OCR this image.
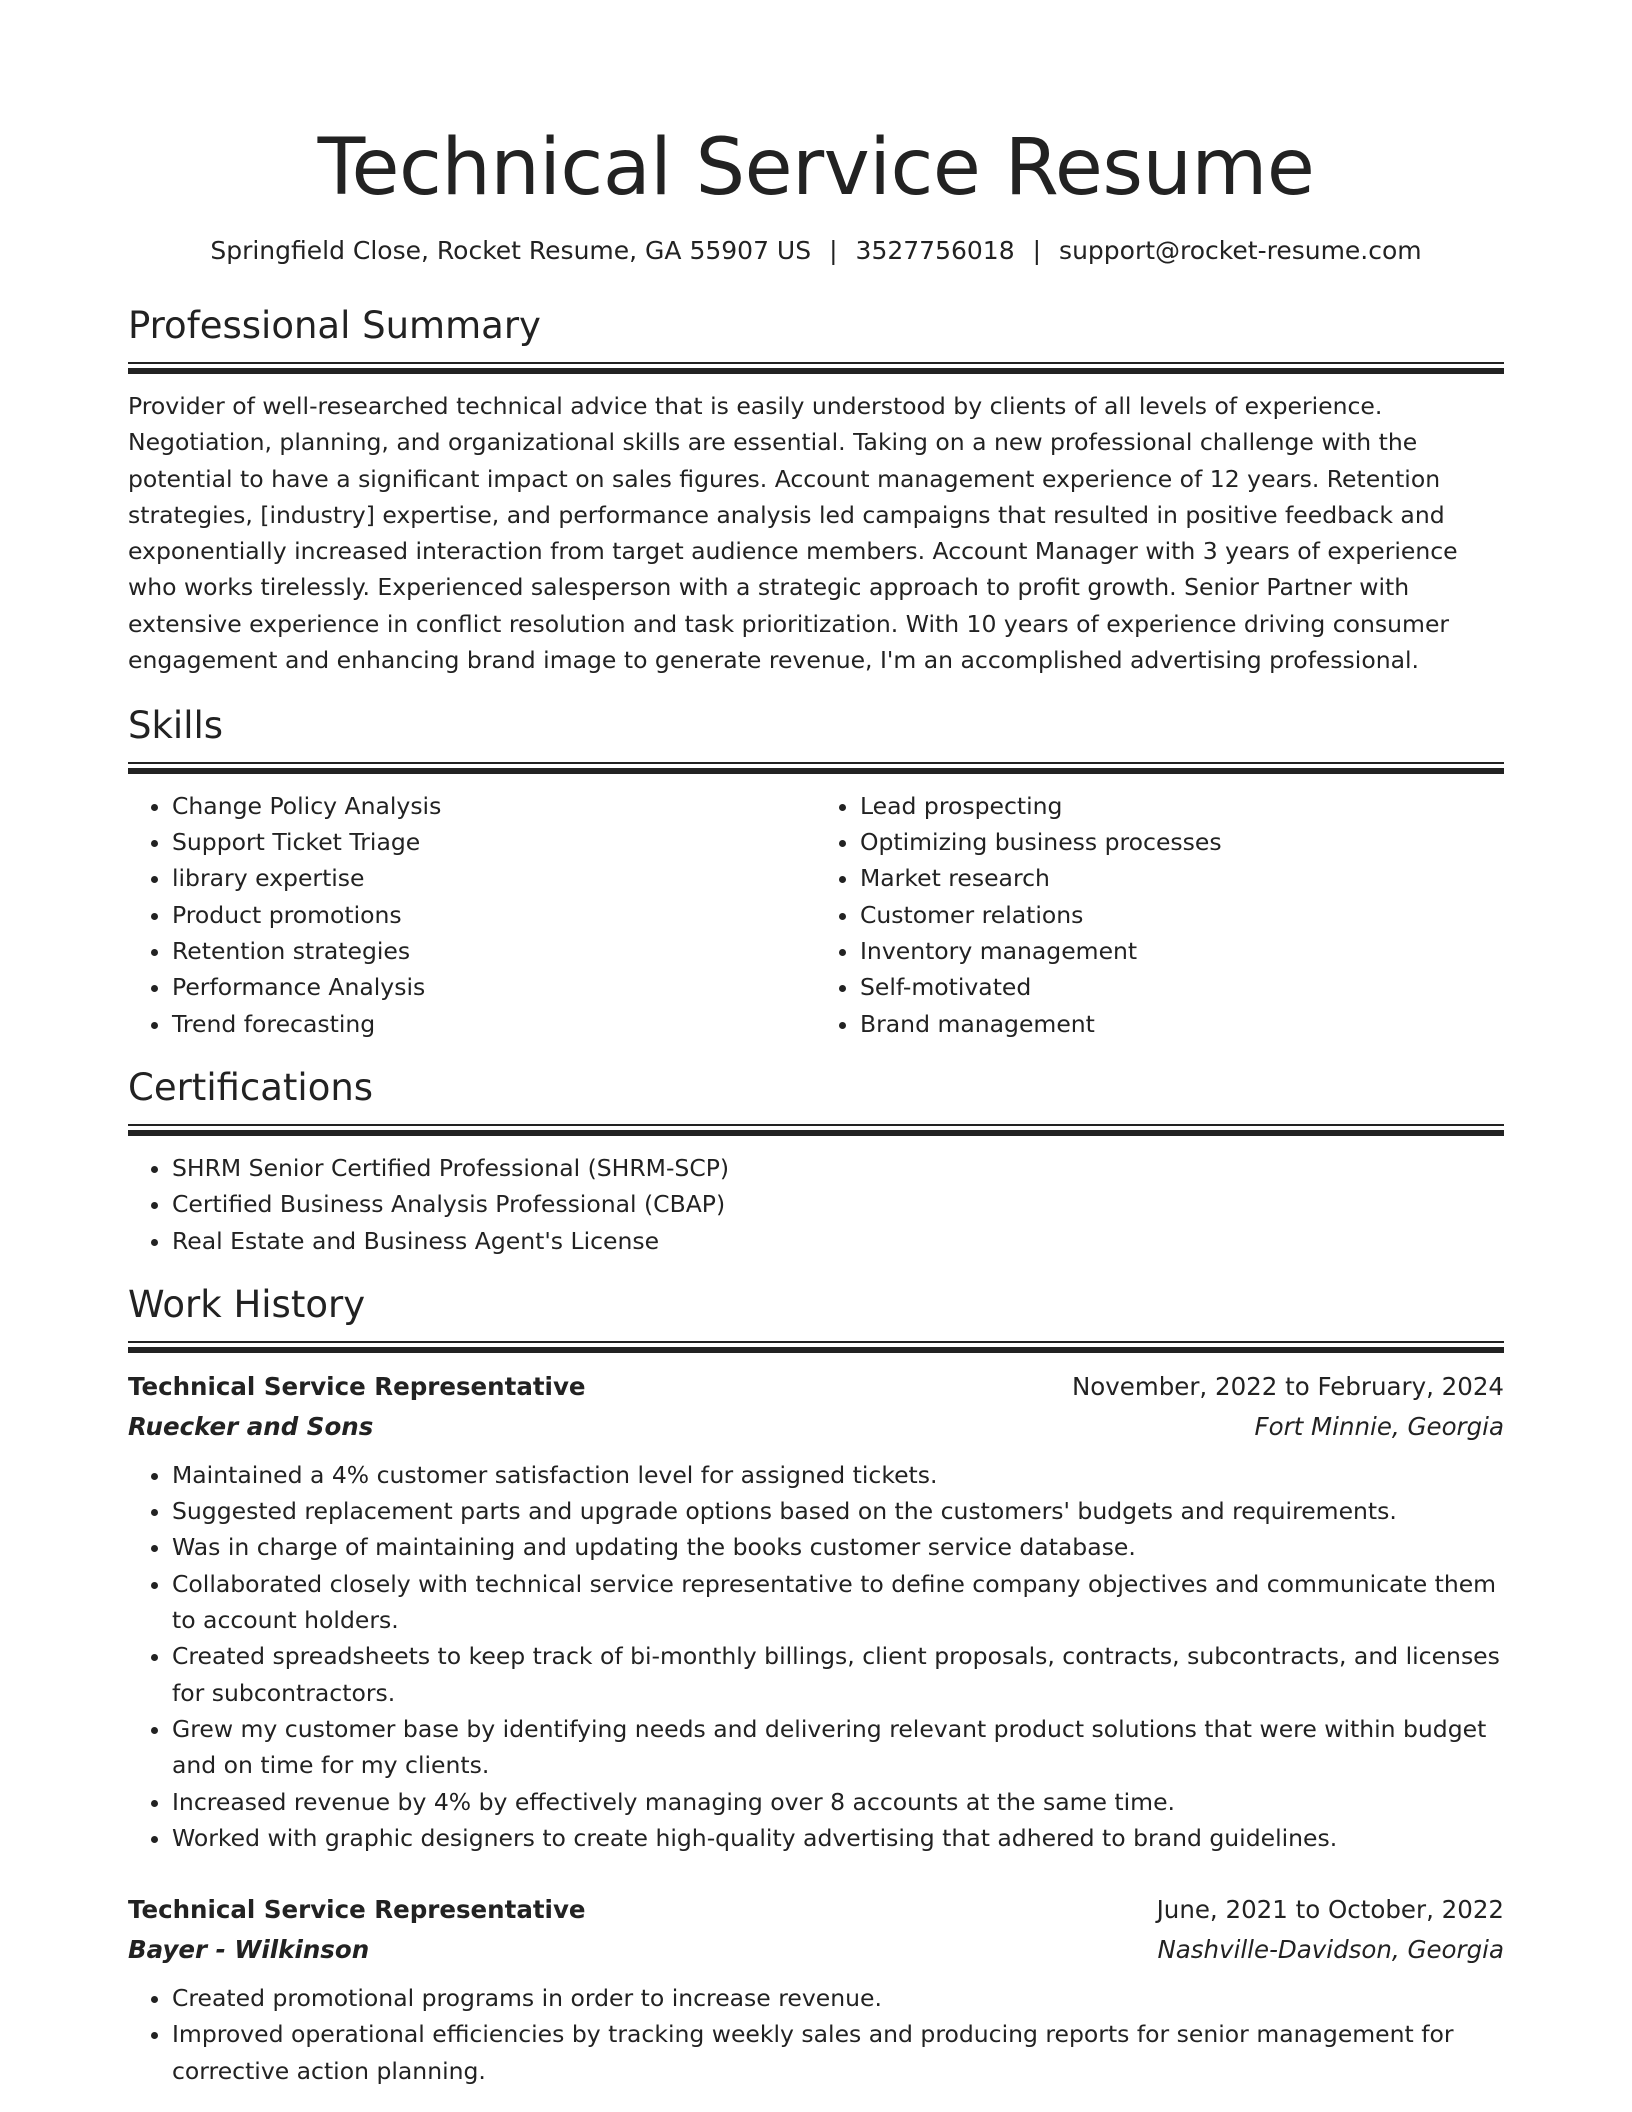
Technical Service Resume
Springfield Close, Rocket Resume, GA 55907 US | 3527756018 | support@rocket-resume.com
Professional Summary

Provider of well-researched technical advice that is easily understood by clients of all levels of experience. Negotiation, planning, and organizational skills are essential. Taking on a new professional challenge with the potential to have a significant impact on sales figures. Account management experience of 12 years. Retention strategies, [industry] expertise, and performance analysis led campaigns that resulted in positive feedback and exponentially increased interaction from target audience members. Account Manager with 3 years of experience who works tirelessly. Experienced salesperson with a strategic approach to profit growth. Senior Partner with extensive experience in conflict resolution and task prioritization. With 10 years of experience driving consumer engagement and enhancing brand image to generate revenue, I'm an accomplished advertising professional.

Skills
• Change Policy Analysis
• Support Ticket Triage
• library expertise
• Product promotions
• Retention strategies
• Performance Analysis
• Trend forecasting
• Lead prospecting
• Optimizing business processes
• Market research
• Customer relations
• Inventory management
• Self-motivated
• Brand management
Certifications
• SHRM Senior Certified Professional (SHRM-SCP)
• Certified Business Analysis Professional (CBAP)
• Real Estate and Business Agent's License
Work History
Technical Service Representative	November, 2022 to February, 2024
Ruecker and Sons	Fort Minnie, Georgia
• Maintained a 4% customer satisfaction level for assigned tickets.
• Suggested replacement parts and upgrade options based on the customers' budgets and requirements.
• Was in charge of maintaining and updating the books customer service database.
• Collaborated closely with technical service representative to define company objectives and communicate them to account holders.
• Created spreadsheets to keep track of bi-monthly billings, client proposals, contracts, subcontracts, and licenses for subcontractors.
• Grew my customer base by identifying needs and delivering relevant product solutions that were within budget and on time for my clients.
• Increased revenue by 4% by effectively managing over 8 accounts at the same time.
• Worked with graphic designers to create high-quality advertising that adhered to brand guidelines.
Technical Service Representative	June, 2021 to October, 2022
Bayer - Wilkinson	Nashville-Davidson, Georgia
• Created promotional programs in order to increase revenue.
• Improved operational efficiencies by tracking weekly sales and producing reports for senior management for corrective action planning.
